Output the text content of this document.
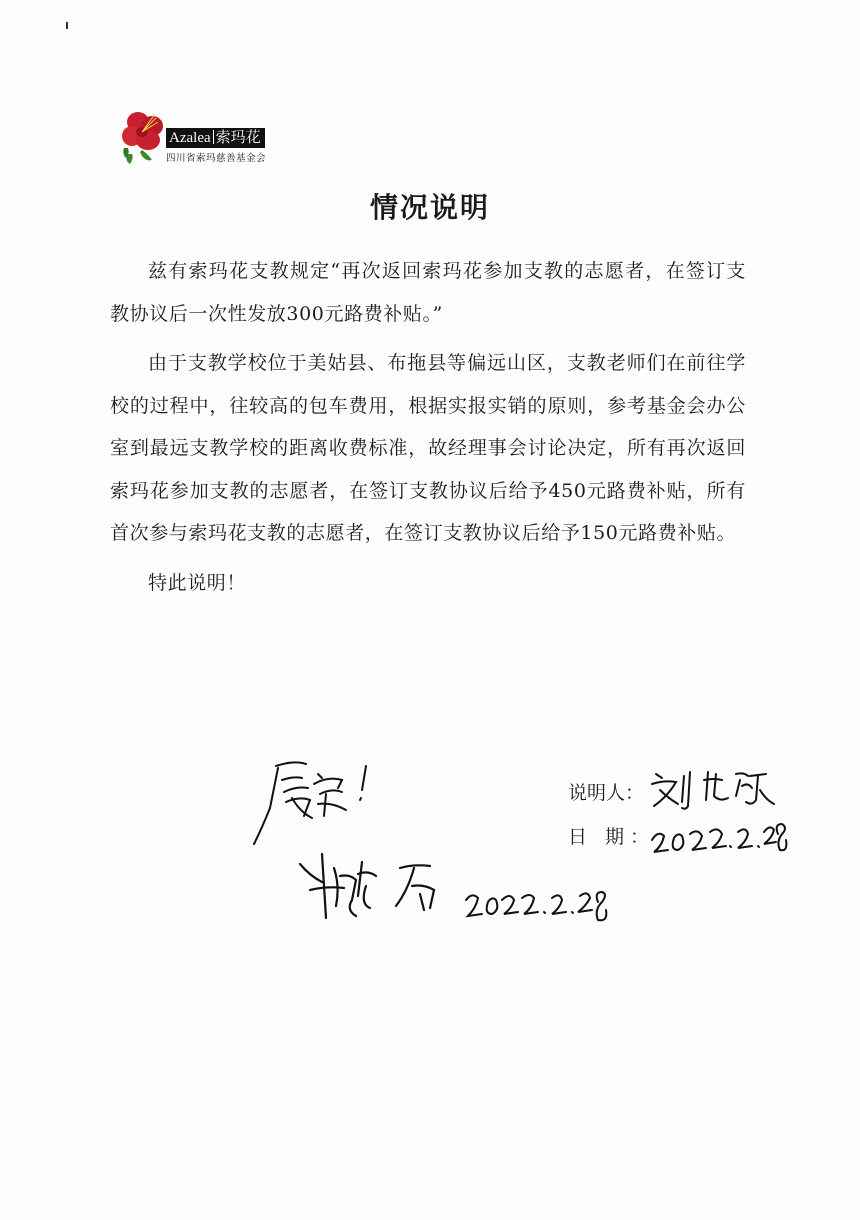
Azalea 索玛花
四川省索玛慈善基金会
情况说明

兹有索玛花支教规定“再次返回索玛花参加支教的志愿者，在签订支教协议后一次性发放300元路费补贴。”

由于支教学校位于美姑县、布拖县等偏远山区，支教老师们在前往学校的过程中，往较高的包车费用，根据实报实销的原则，参考基金会办公室到最远支教学校的距离收费标准，故经理事会讨论决定，所有再次返回索玛花参加支教的志愿者，在签订支教协议后给予450元路费补贴，所有首次参与索玛花支教的志愿者，在签订支教协议后给予150元路费补贴。

特此说明！

说明人：
日 期：
